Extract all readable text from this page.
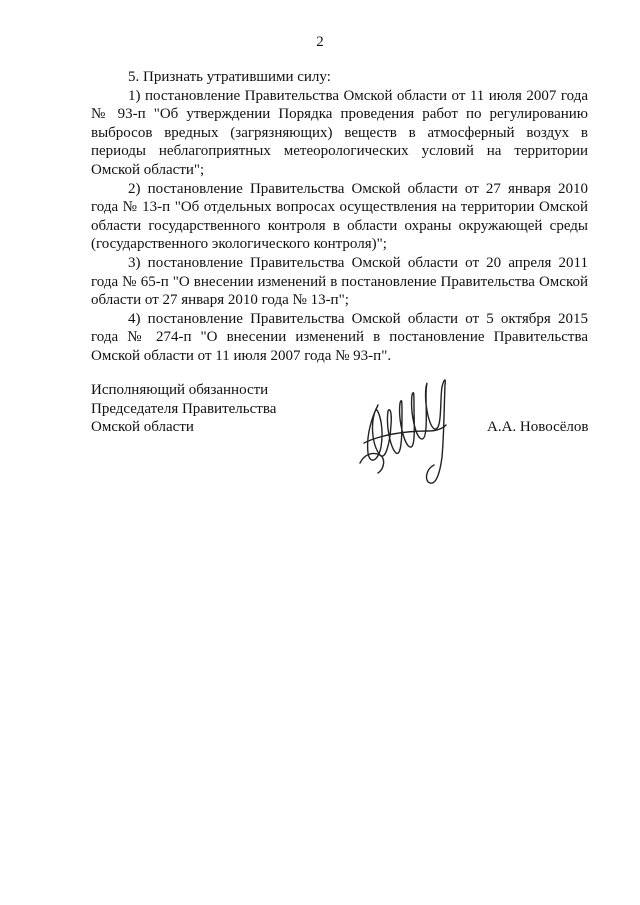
2

5. Признать утратившими силу:

1) постановление Правительства Омской области от 11 июля 2007 года № 93-п "Об утверждении Порядка проведения работ по регулированию выбросов вредных (загрязняющих) веществ в атмосферный воздух в периоды неблагоприятных метеорологических условий на территории Омской области";

2) постановление Правительства Омской области от 27 января 2010 года № 13-п "Об отдельных вопросах осуществления на территории Омской области государственного контроля в области охраны окружающей среды (государственного экологического контроля)";

3) постановление Правительства Омской области от 20 апреля 2011 года № 65-п "О внесении изменений в постановление Правительства Омской области от 27 января 2010 года № 13-п";

4) постановление Правительства Омской области от 5 октября 2015 года № 274-п "О внесении изменений в постановление Правительства Омской области от 11 июля 2007 года № 93-п".

Исполняющий обязанности
Председателя Правительства
Омской области	А.А. Новосёлов
